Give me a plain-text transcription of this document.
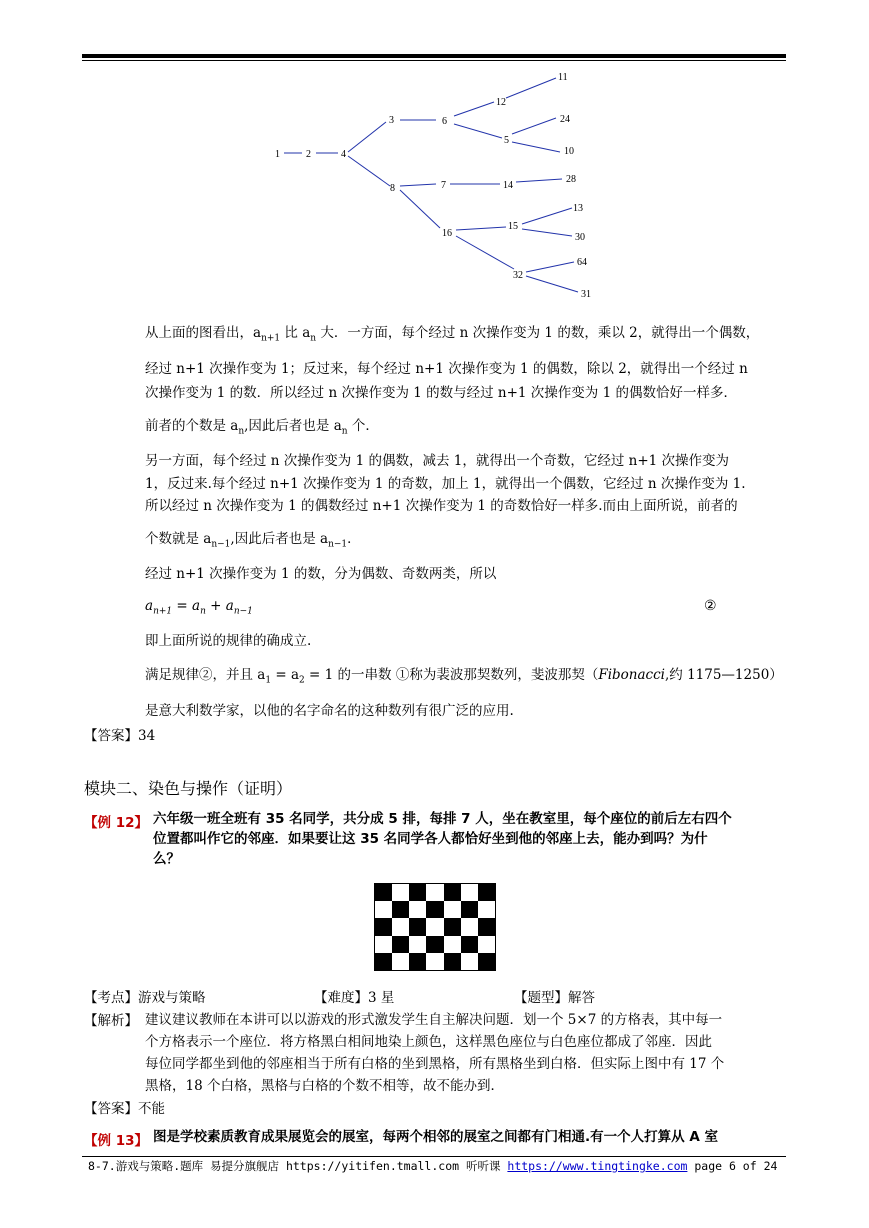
1	2	4
3	6
12
11
5
24
10
8	7	14
28
16
15
13
30
32
64
31
从上面的图看出，$a_{n+1}$ 比 $a_n$ 大．一方面，每个经过 n 次操作变为 1 的数，乘以 2，就得出一个偶数，
经过 n+1 次操作变为 1；反过来，每个经过 n+1 次操作变为 1 的偶数，除以 2，就得出一个经过 n
次操作变为 1 的数．所以经过 n 次操作变为 1 的数与经过 n+1 次操作变为 1 的偶数恰好一样多．
前者的个数是 $a_n$,因此后者也是 $a_n$ 个．
另一方面，每个经过 n 次操作变为 1 的偶数，减去 1，就得出一个奇数，它经过 n+1 次操作变为
1，反过来.每个经过 n+1 次操作变为 1 的奇数，加上 1，就得出一个偶数，它经过 n 次操作变为 1.
所以经过 n 次操作变为 1 的偶数经过 n+1 次操作变为 1 的奇数恰好一样多.而由上面所说，前者的
个数就是 $a_{n-1}$,因此后者也是 $a_{n-1}$．
经过 n+1 次操作变为 1 的数，分为偶数、奇数两类，所以
$a_{n+1} = a_n + a_{n-1}$	②
即上面所说的规律的确成立.
满足规律②，并且 $a_1 = a_2 = 1$ 的一串数 ①称为裴波那契数列，斐波那契（Fibonacci,约 1175—1250）
是意大利数学家，以他的名字命名的这种数列有很广泛的应用.
【答案】34
模块二、染色与操作（证明）
【例 12】 六年级一班全班有 35 名同学，共分成 5 排，每排 7 人，坐在教室里，每个座位的前后左右四个
位置都叫作它的邻座．如果要让这 35 名同学各人都恰好坐到他的邻座上去，能办到吗？为什
么？
【考点】游戏与策略	【难度】3 星	【题型】解答
【解析】 建议建议教师在本讲可以以游戏的形式激发学生自主解决问题．划一个 5×7 的方格表，其中每一
个方格表示一个座位．将方格黑白相间地染上颜色，这样黑色座位与白色座位都成了邻座．因此
每位同学都坐到他的邻座相当于所有白格的坐到黑格，所有黑格坐到白格．但实际上图中有 17 个
黑格，18 个白格，黑格与白格的个数不相等，故不能办到．
【答案】不能
【例 13】 图是学校素质教育成果展览会的展室，每两个相邻的展室之间都有门相通.有一个人打算从 A 室
8-7.游戏与策略.题库 易提分旗舰店 https://yitifen.tmall.com 听听课 https://www.tingtingke.com page 6 of 24
